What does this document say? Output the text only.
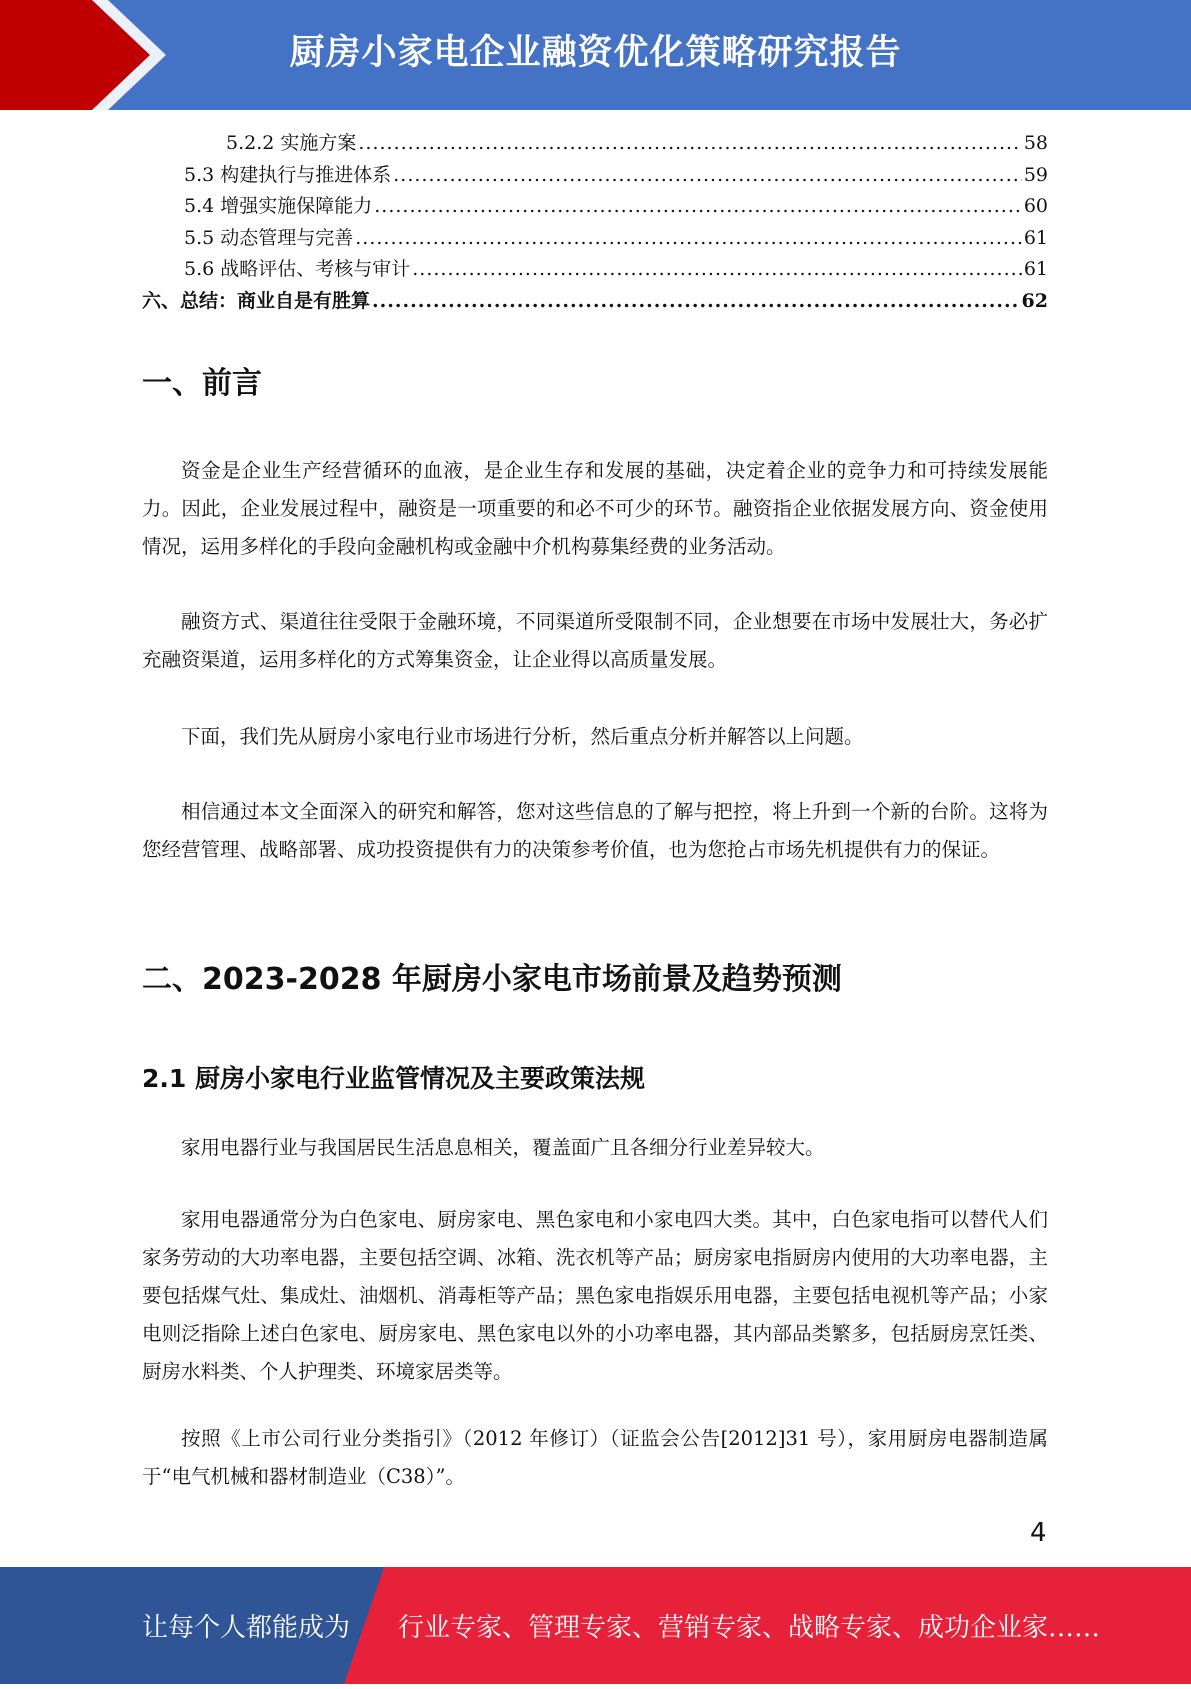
厨房小家电企业融资优化策略研究报告
5.2.2 实施方案 .....	58
5.3 构建执行与推进体系 .....	59
5.4 增强实施保障能力 .....	60
5.5 动态管理与完善 .....	61
5.6 战略评估、考核与审计 .....	61
六、总结：商业自是有胜算 .....	62
一、前言

资金是企业生产经营循环的血液，是企业生存和发展的基础，决定着企业的竞争力和可持续发展能力。因此，企业发展过程中，融资是一项重要的和必不可少的环节。融资指企业依据发展方向、资金使用情况，运用多样化的手段向金融机构或金融中介机构募集经费的业务活动。

融资方式、渠道往往受限于金融环境，不同渠道所受限制不同，企业想要在市场中发展壮大，务必扩充融资渠道，运用多样化的方式筹集资金，让企业得以高质量发展。

下面，我们先从厨房小家电行业市场进行分析，然后重点分析并解答以上问题。

相信通过本文全面深入的研究和解答，您对这些信息的了解与把控，将上升到一个新的台阶。这将为您经营管理、战略部署、成功投资提供有力的决策参考价值，也为您抢占市场先机提供有力的保证。

二、2023-2028 年厨房小家电市场前景及趋势预测
2.1 厨房小家电行业监管情况及主要政策法规

家用电器行业与我国居民生活息息相关，覆盖面广且各细分行业差异较大。

家用电器通常分为白色家电、厨房家电、黑色家电和小家电四大类。其中，白色家电指可以替代人们家务劳动的大功率电器，主要包括空调、冰箱、洗衣机等产品；厨房家电指厨房内使用的大功率电器，主要包括煤气灶、集成灶、油烟机、消毒柜等产品；黑色家电指娱乐用电器，主要包括电视机等产品；小家电则泛指除上述白色家电、厨房家电、黑色家电以外的小功率电器，其内部品类繁多，包括厨房烹饪类、厨房水料类、个人护理类、环境家居类等。

按照《上市公司行业分类指引》（2012 年修订）（证监会公告[2012]31 号），家用厨房电器制造属于“电气机械和器材制造业（C38）”。

4
让每个人都能成为 行业专家、管理专家、营销专家、战略专家、成功企业家……
